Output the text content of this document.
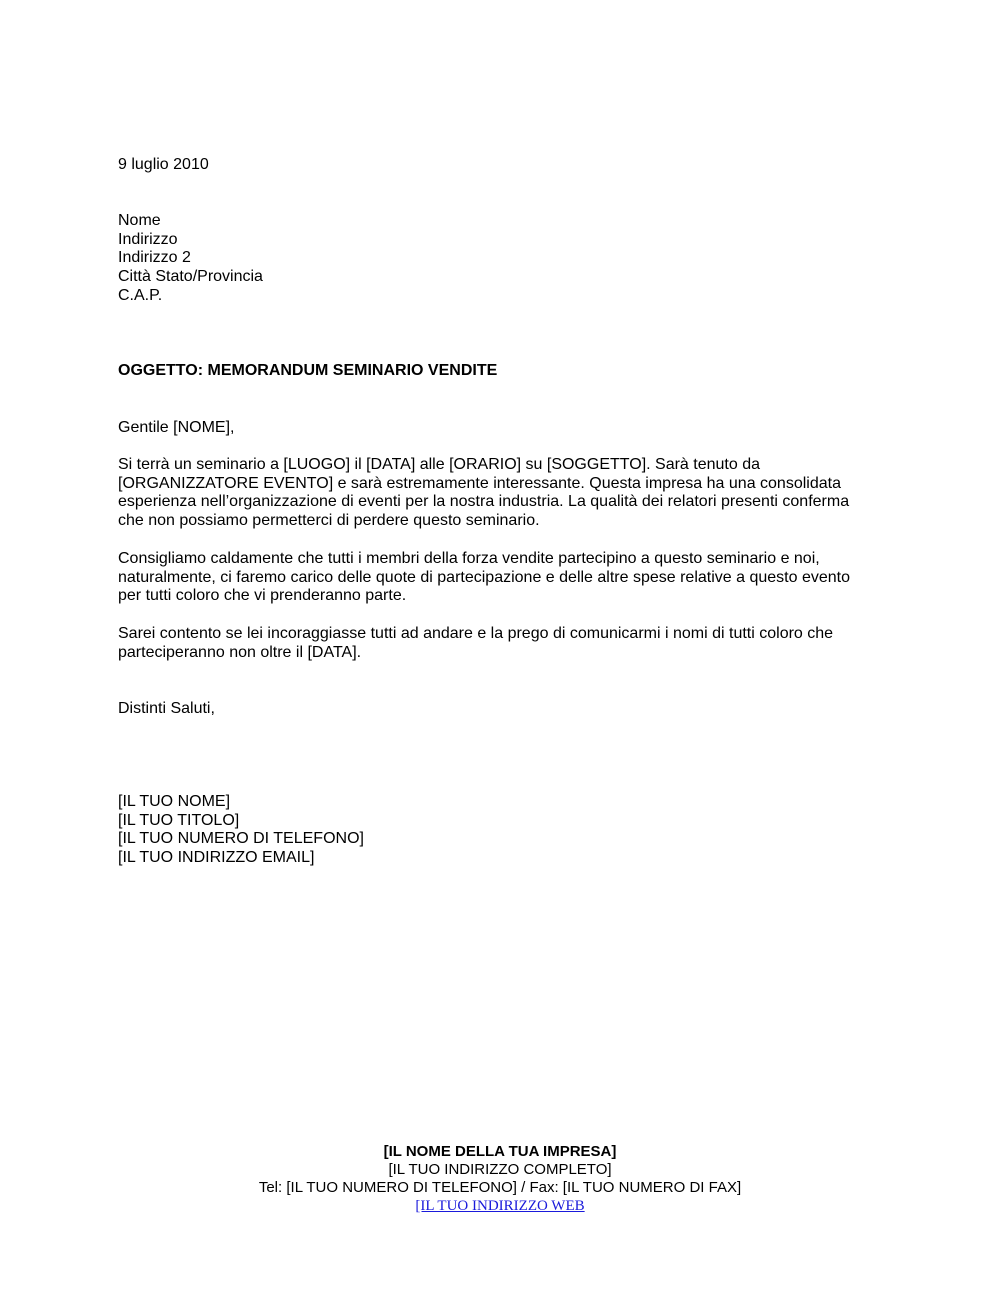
9 luglio 2010
Nome
Indirizzo
Indirizzo 2
Città Stato/Provincia
C.A.P.
OGGETTO: MEMORANDUM SEMINARIO VENDITE
Gentile [NOME],
Si terrà un seminario a [LUOGO] il [DATA] alle [ORARIO] su [SOGGETTO]. Sarà tenuto da
[ORGANIZZATORE EVENTO] e sarà estremamente interessante. Questa impresa ha una consolidata
esperienza nell’organizzazione di eventi per la nostra industria. La qualità dei relatori presenti conferma
che non possiamo permetterci di perdere questo seminario.
Consigliamo caldamente che tutti i membri della forza vendite partecipino a questo seminario e noi,
naturalmente, ci faremo carico delle quote di partecipazione e delle altre spese relative a questo evento
per tutti coloro che vi prenderanno parte.
Sarei contento se lei incoraggiasse tutti ad andare e la prego di comunicarmi i nomi di tutti coloro che
parteciperanno non oltre il [DATA].
Distinti Saluti,
[IL TUO NOME]
[IL TUO TITOLO]
[IL TUO NUMERO DI TELEFONO]
[IL TUO INDIRIZZO EMAIL]
[IL NOME DELLA TUA IMPRESA]
[IL TUO INDIRIZZO COMPLETO]
Tel: [IL TUO NUMERO DI TELEFONO] / Fax: [IL TUO NUMERO DI FAX]
[IL TUO INDIRIZZO WEB
